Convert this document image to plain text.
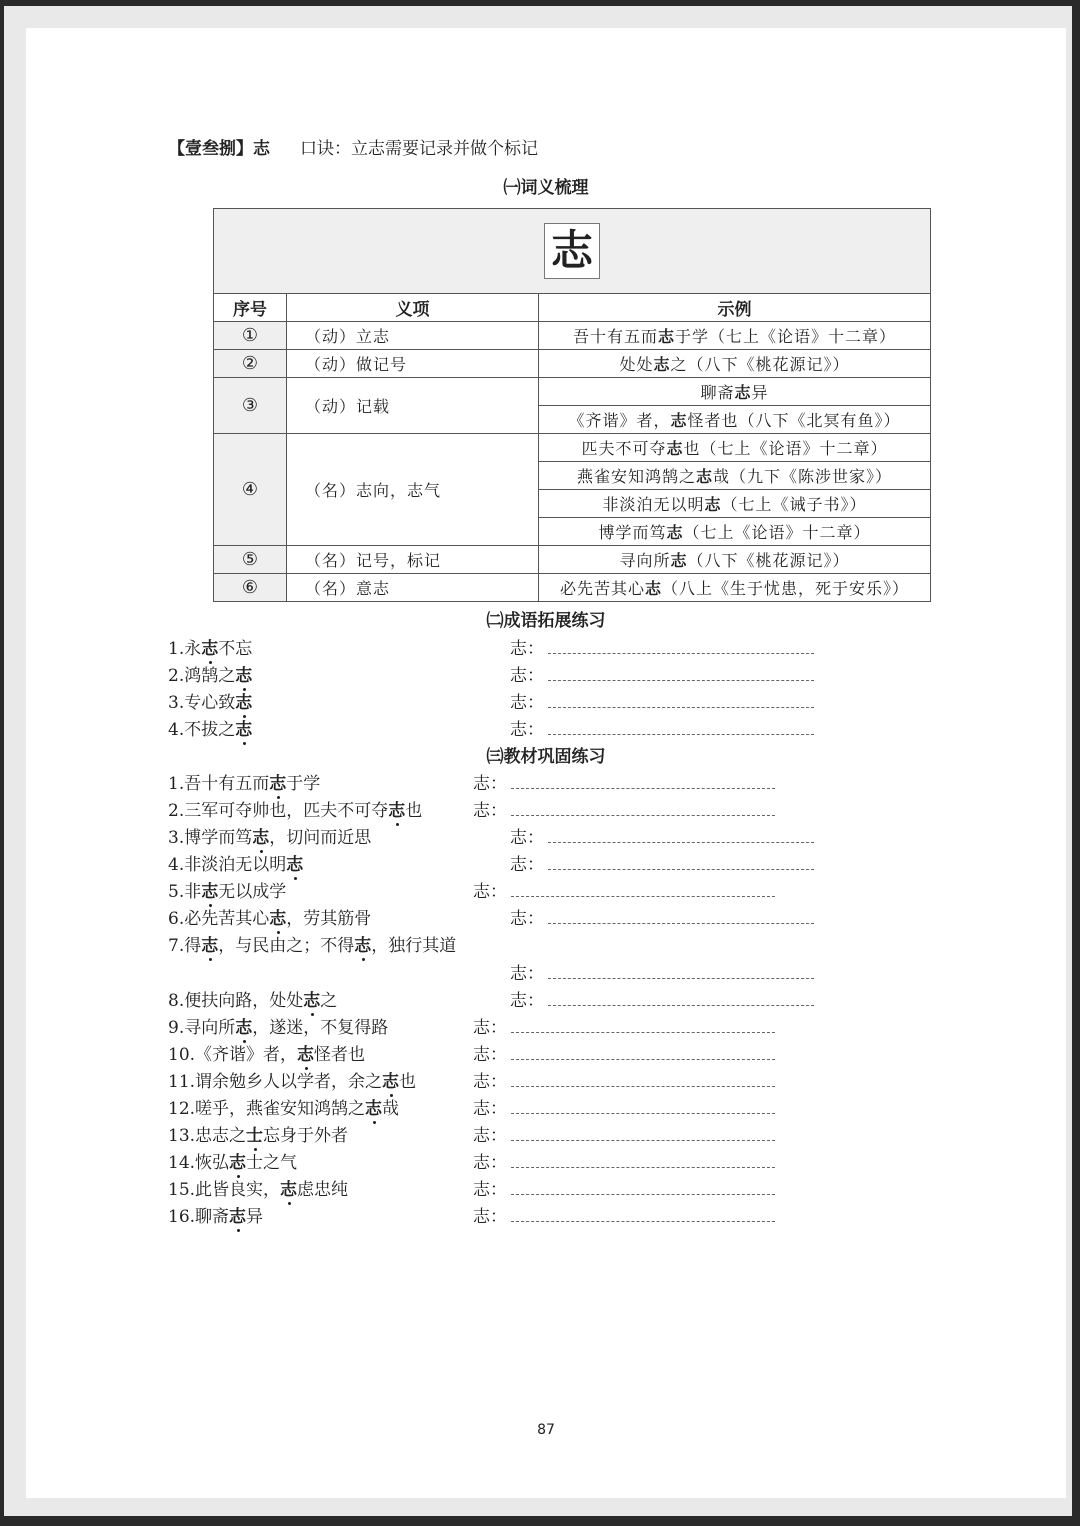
【壹叁捌】志 口诀：立志需要记录并做个标记
㈠词义梳理
志		
序号	义项	示例
①	（动）立志	吾十有五而志于学（七上《论语》十二章）
②	（动）做记号	处处志之（八下《桃花源记》）
③	（动）记载	聊斋志异
		《齐谐》者，志怪者也（八下《北冥有鱼》）
④	（名）志向，志气	匹夫不可夺志也（七上《论语》十二章）
		燕雀安知鸿鹄之志哉（九下《陈涉世家》）
		非淡泊无以明志（七上《诫子书》）
		博学而笃志（七上《论语》十二章）
⑤	（名）记号，标记	寻向所志（八下《桃花源记》）
⑥	（名）意志	必先苦其心志（八上《生于忧患，死于安乐》）
㈡成语拓展练习
1.永志不忘	志：
2.鸿鹄之志	志：
3.专心致志	志：
4.不拔之志	志：
㈢教材巩固练习
1.吾十有五而志于学	志：
2.三军可夺帅也，匹夫不可夺志也	志：
3.博学而笃志，切问而近思	志：
4.非淡泊无以明志	志：
5.非志无以成学	志：
6.必先苦其心志，劳其筋骨	志：
7.得志，与民由之；不得志，独行其道
志：
8.便扶向路，处处志之	志：
9.寻向所志，遂迷，不复得路	志：
10.《齐谐》者，志怪者也	志：
11.谓余勉乡人以学者，余之志也	志：
12.嗟乎，燕雀安知鸿鹄之志哉	志：
13.忠志之士忘身于外者	志：
14.恢弘志士之气	志：
15.此皆良实，志虑忠纯	志：
16.聊斋志异	志：
87
